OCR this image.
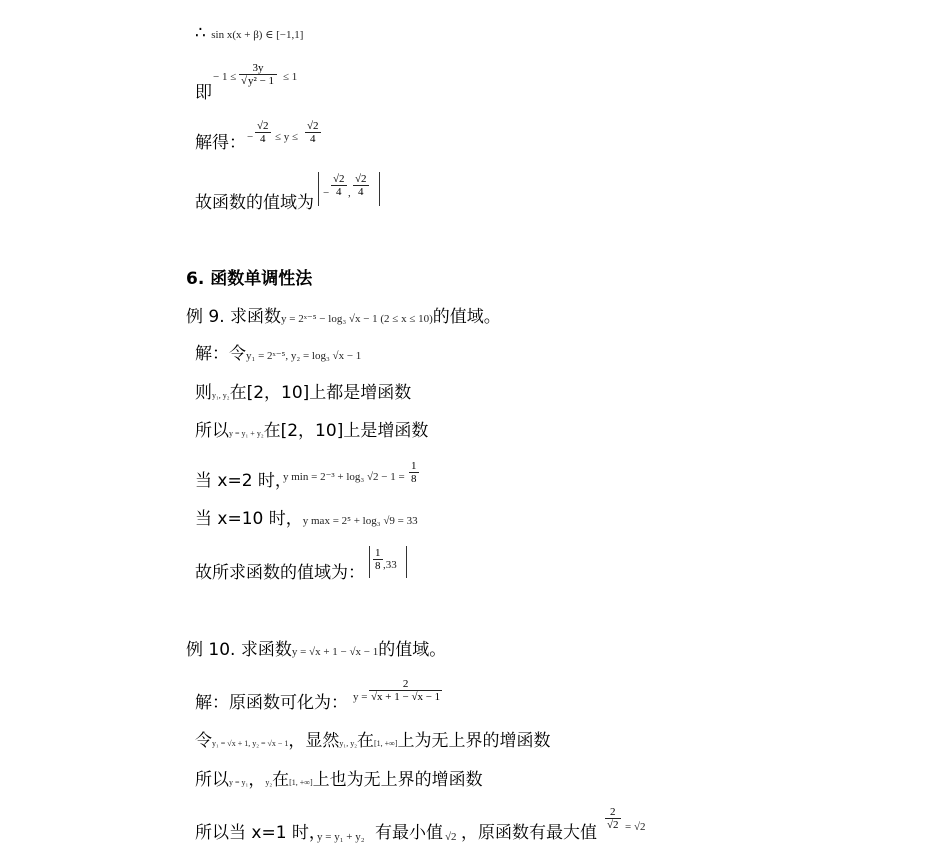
∴ sin x(x + β) ∈ [−1,1]
即
− $1 \le \frac{3y}{\text{√y² − 1}} \le 1$
解得： − $\frac{√2}{4} \le y \le \frac{√2}{4}$
故函数的值域为 − $\frac{√2}{4}$ , $\frac{√2}{4}$
6. 函数单调性法
例 9. 求函数y = 2ˣ⁻⁵ − log₃ √x − 1 (2 ≤ x ≤ 10)的值域。
解：令y₁ = 2ˣ⁻⁵, y₂ = log₃ √x − 1
则y₁, y₂在[2，10]上都是增函数
所以y = y₁ + y₂在[2，10]上是增函数
当 x=2 时，
y min = 2⁻³ + log₃ $√2 - 1 = \frac{1}{8}$
当 x=10 时，y max = 2⁵ + log₃ √9 = 33
故所求函数的值域为：
$\frac{1}{8} ,33$
例 10. 求函数y = √x + 1 − √x − 1的值域。
解：原函数可化为： $y = \frac{2}{√x + 1 - √x - 1}$
令y₁ = √x + 1, y₂ = √x − 1，显然y₁, y₂在[1, +∞]上为无上界的增函数
所以y = y₁，y₂在[1, +∞]上也为无上界的增函数
所以当 x=1 时，
y = y₁ + y₂ 有最小值 √2 ，原函数有最大值
$\frac{2}{√2} = √2$
